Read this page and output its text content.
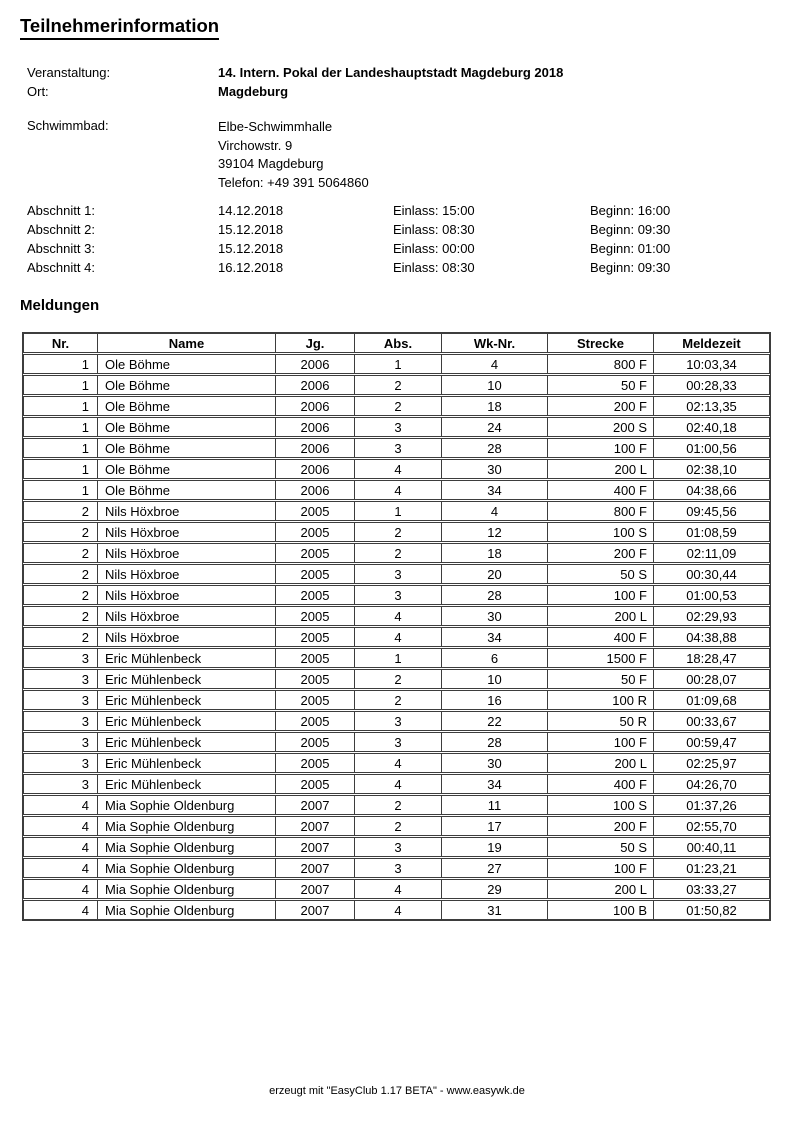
Teilnehmerinformation
Veranstaltung:	14. Intern. Pokal der Landeshauptstadt Magdeburg 2018
Ort:	Magdeburg
Schwimmbad:	Elbe-Schwimmhalle
Virchowstr. 9
39104 Magdeburg
Telefon: +49 391 5064860
Abschnitt 1:	14.12.2018	Einlass: 15:00	Beginn: 16:00
Abschnitt 2:	15.12.2018	Einlass: 08:30	Beginn: 09:30
Abschnitt 3:	15.12.2018	Einlass: 00:00	Beginn: 01:00
Abschnitt 4:	16.12.2018	Einlass: 08:30	Beginn: 09:30
Meldungen
Nr.	Name	Jg.	Abs.	Wk-Nr.	Strecke	Meldezeit
1	Ole Böhme	2006	1	4	800 F	10:03,34
1	Ole Böhme	2006	2	10	50 F	00:28,33
1	Ole Böhme	2006	2	18	200 F	02:13,35
1	Ole Böhme	2006	3	24	200 S	02:40,18
1	Ole Böhme	2006	3	28	100 F	01:00,56
1	Ole Böhme	2006	4	30	200 L	02:38,10
1	Ole Böhme	2006	4	34	400 F	04:38,66
2	Nils Höxbroe	2005	1	4	800 F	09:45,56
2	Nils Höxbroe	2005	2	12	100 S	01:08,59
2	Nils Höxbroe	2005	2	18	200 F	02:11,09
2	Nils Höxbroe	2005	3	20	50 S	00:30,44
2	Nils Höxbroe	2005	3	28	100 F	01:00,53
2	Nils Höxbroe	2005	4	30	200 L	02:29,93
2	Nils Höxbroe	2005	4	34	400 F	04:38,88
3	Eric Mühlenbeck	2005	1	6	1500 F	18:28,47
3	Eric Mühlenbeck	2005	2	10	50 F	00:28,07
3	Eric Mühlenbeck	2005	2	16	100 R	01:09,68
3	Eric Mühlenbeck	2005	3	22	50 R	00:33,67
3	Eric Mühlenbeck	2005	3	28	100 F	00:59,47
3	Eric Mühlenbeck	2005	4	30	200 L	02:25,97
3	Eric Mühlenbeck	2005	4	34	400 F	04:26,70
4	Mia Sophie Oldenburg	2007	2	11	100 S	01:37,26
4	Mia Sophie Oldenburg	2007	2	17	200 F	02:55,70
4	Mia Sophie Oldenburg	2007	3	19	50 S	00:40,11
4	Mia Sophie Oldenburg	2007	3	27	100 F	01:23,21
4	Mia Sophie Oldenburg	2007	4	29	200 L	03:33,27
4	Mia Sophie Oldenburg	2007	4	31	100 B	01:50,82
erzeugt mit "EasyClub 1.17 BETA" - www.easywk.de
